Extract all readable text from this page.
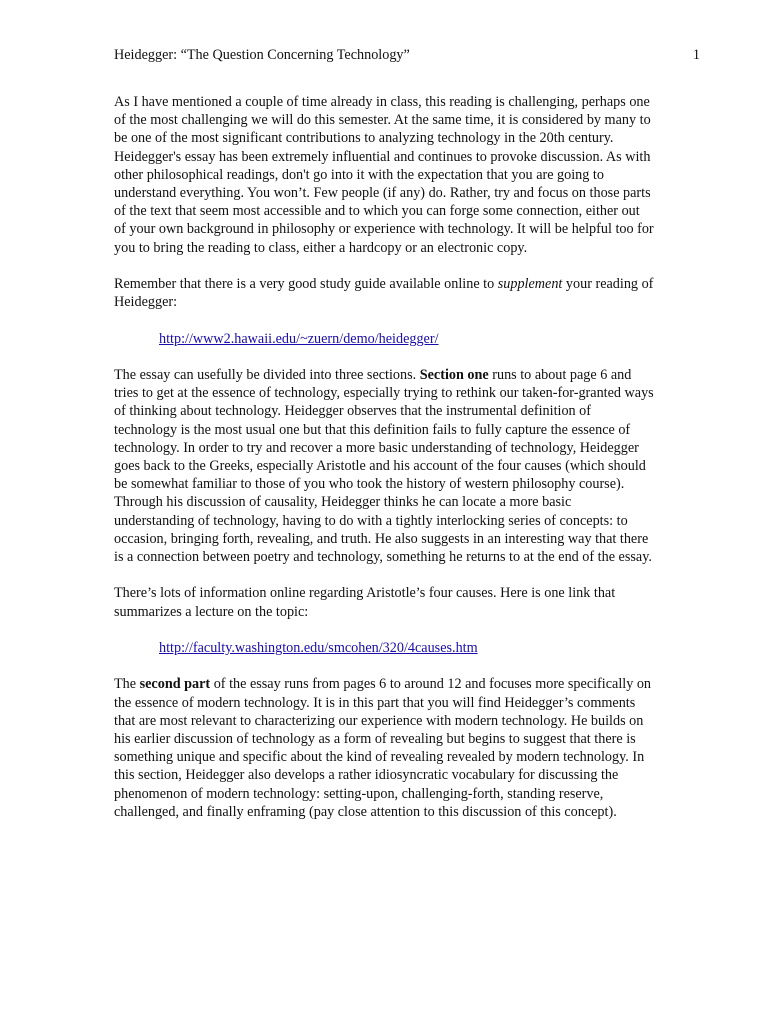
Heidegger: “The Question Concerning Technology”	1

As I have mentioned a couple of time already in class, this reading is challenging, perhaps one of the most challenging we will do this semester. At the same time, it is considered by many to be one of the most significant contributions to analyzing technology in the 20th century. Heidegger's essay has been extremely influential and continues to provoke discussion. As with other philosophical readings, don't go into it with the expectation that you are going to understand everything. You won’t. Few people (if any) do. Rather, try and focus on those parts of the text that seem most accessible and to which you can forge some connection, either out of your own background in philosophy or experience with technology. It will be helpful too for you to bring the reading to class, either a hardcopy or an electronic copy.

Remember that there is a very good study guide available online to supplement your reading of Heidegger:

http://www2.hawaii.edu/~zuern/demo/heidegger/

The essay can usefully be divided into three sections. Section one runs to about page 6 and tries to get at the essence of technology, especially trying to rethink our taken-for-granted ways of thinking about technology. Heidegger observes that the instrumental definition of technology is the most usual one but that this definition fails to fully capture the essence of technology. In order to try and recover a more basic understanding of technology, Heidegger goes back to the Greeks, especially Aristotle and his account of the four causes (which should be somewhat familiar to those of you who took the history of western philosophy course). Through his discussion of causality, Heidegger thinks he can locate a more basic understanding of technology, having to do with a tightly interlocking series of concepts: to occasion, bringing forth, revealing, and truth. He also suggests in an interesting way that there is a connection between poetry and technology, something he returns to at the end of the essay.

There’s lots of information online regarding Aristotle’s four causes. Here is one link that summarizes a lecture on the topic:

http://faculty.washington.edu/smcohen/320/4causes.htm

The second part of the essay runs from pages 6 to around 12 and focuses more specifically on the essence of modern technology. It is in this part that you will find Heidegger’s comments that are most relevant to characterizing our experience with modern technology. He builds on his earlier discussion of technology as a form of revealing but begins to suggest that there is something unique and specific about the kind of revealing revealed by modern technology. In this section, Heidegger also develops a rather idiosyncratic vocabulary for discussing the phenomenon of modern technology: setting-upon, challenging-forth, standing reserve, challenged, and finally enframing (pay close attention to this discussion of this concept).
